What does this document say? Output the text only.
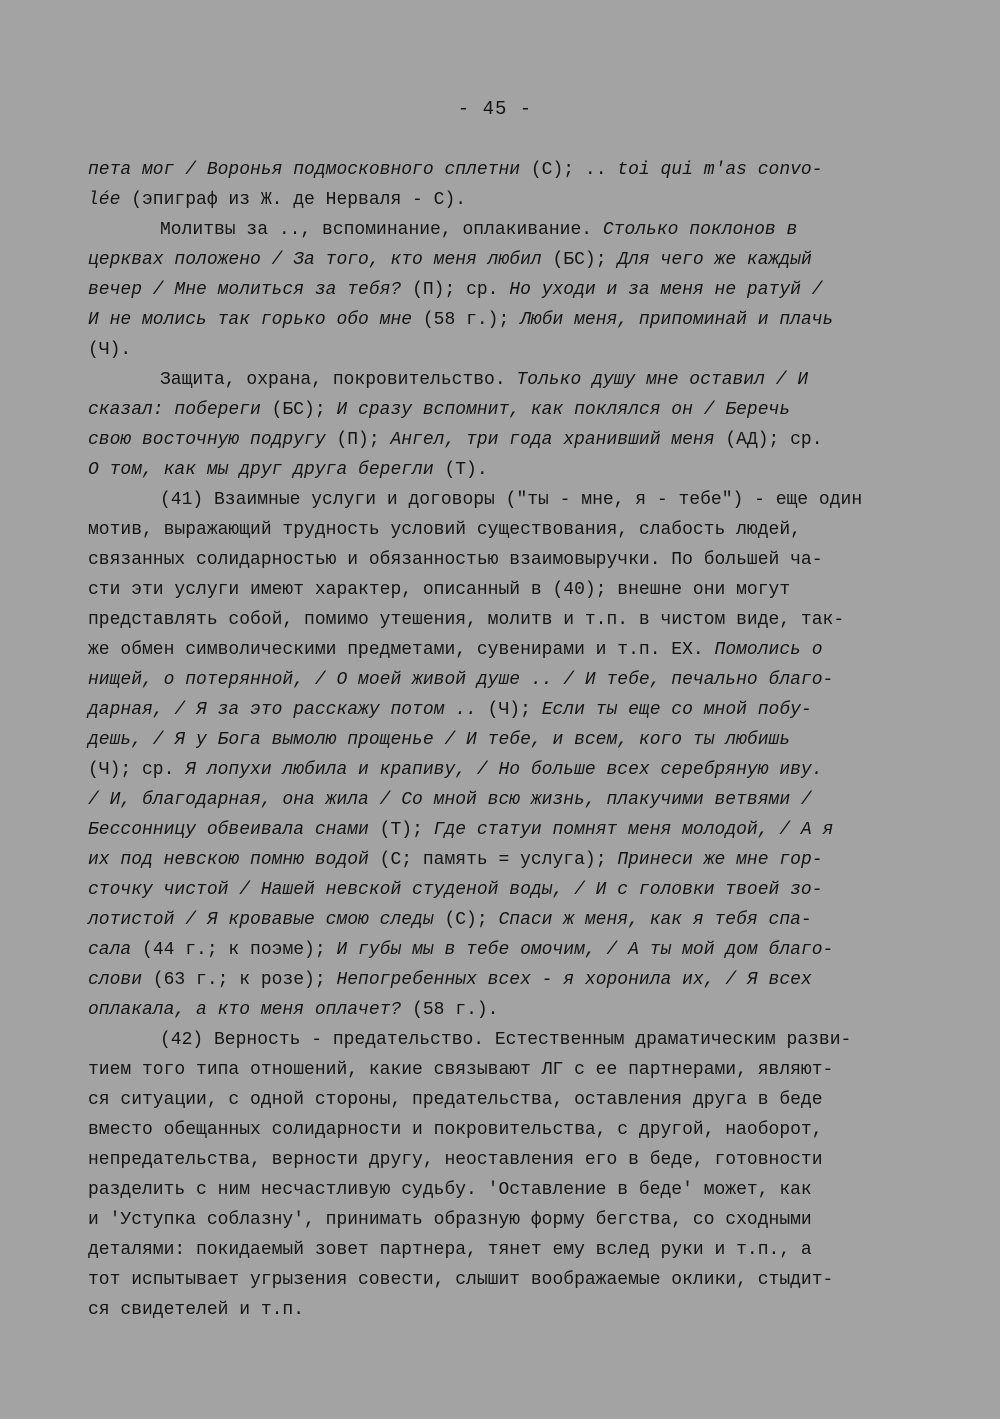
- 45 -
пета мог / Воронья подмосковного сплетни (С); .. toi qui m'as convo-
lée (эпиграф из Ж. де Нерваля - С).
Молитвы за .., вспоминание, оплакивание. Столько поклонов в
церквах положено / За того, кто меня любил (БС); Для чего же каждый
вечер / Мне молиться за тебя? (П); ср. Но уходи и за меня не ратуй /
И не молись так горько обо мне (58 г.); Люби меня, припоминай и плачь
(Ч).
Защита, охрана, покровительство. Только душу мне оставил / И
сказал: побереги (БС); И сразу вспомнит, как поклялся он / Беречь
свою восточную подругу (П); Ангел, три года хранивший меня (АД); ср.
О том, как мы друг друга берегли (Т).
(41) Взаимные услуги и договоры ("ты - мне, я - тебе") - еще один
мотив, выражающий трудность условий существования, слабость людей,
связанных солидарностью и обязанностью взаимовыручки. По большей ча-
сти эти услуги имеют характер, описанный в (40); внешне они могут
представлять собой, помимо утешения, молитв и т.п. в чистом виде, так-
же обмен символическими предметами, сувенирами и т.п. ЕХ. Помолись о
нищей, о потерянной, / О моей живой душе .. / И тебе, печально благо-
дарная, / Я за это расскажу потом .. (Ч); Если ты еще со мной побу-
дешь, / Я у Бога вымолю прощенье / И тебе, и всем, кого ты любишь
(Ч); ср. Я лопухи любила и крапиву, / Но больше всех серебряную иву.
/ И, благодарная, она жила / Со мной всю жизнь, плакучими ветвями /
Бессонницу обвеивала снами (Т); Где статуи помнят меня молодой, / А я
их под невскою помню водой (С; память = услуга); Принеси же мне гор-
сточку чистой / Нашей невской студеной воды, / И с головки твоей зо-
лотистой / Я кровавые смою следы (С); Спаси ж меня, как я тебя спа-
сала (44 г.; к поэме); И губы мы в тебе омочим, / А ты мой дом благо-
слови (63 г.; к розе); Непогребенных всех - я хоронила их, / Я всех
оплакала, а кто меня оплачет? (58 г.).
(42) Верность - предательство. Естественным драматическим разви-
тием того типа отношений, какие связывают ЛГ с ее партнерами, являют-
ся ситуации, с одной стороны, предательства, оставления друга в беде
вместо обещанных солидарности и покровительства, с другой, наоборот,
непредательства, верности другу, неоставления его в беде, готовности
разделить с ним несчастливую судьбу. 'Оставление в беде' может, как
и 'Уступка соблазну', принимать образную форму бегства, со сходными
деталями: покидаемый зовет партнера, тянет ему вслед руки и т.п., а
тот испытывает угрызения совести, слышит воображаемые оклики, стыдит-
ся свидетелей и т.п.
